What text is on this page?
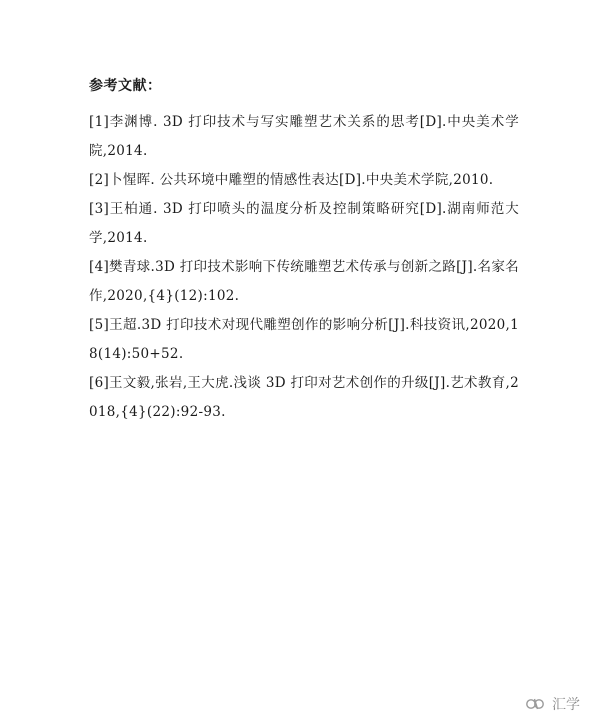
参考文献：
[1]李渊博. 3D 打印技术与写实雕塑艺术关系的思考[D].中央美术学院,2014.
[2]卜惺晖. 公共环境中雕塑的情感性表达[D].中央美术学院,2010.
[3]王柏通. 3D 打印喷头的温度分析及控制策略研究[D].湖南师范大学,2014.
[4]樊青球.3D 打印技术影响下传统雕塑艺术传承与创新之路[J].名家名作,2020,{4}(12):102.
[5]王超.3D 打印技术对现代雕塑创作的影响分析[J].科技资讯,2020,18(14):50+52.
[6]王文毅,张岩,王大虎.浅谈 3D 打印对艺术创作的升级[J].艺术教育,2018,{4}(22):92-93.
汇学
